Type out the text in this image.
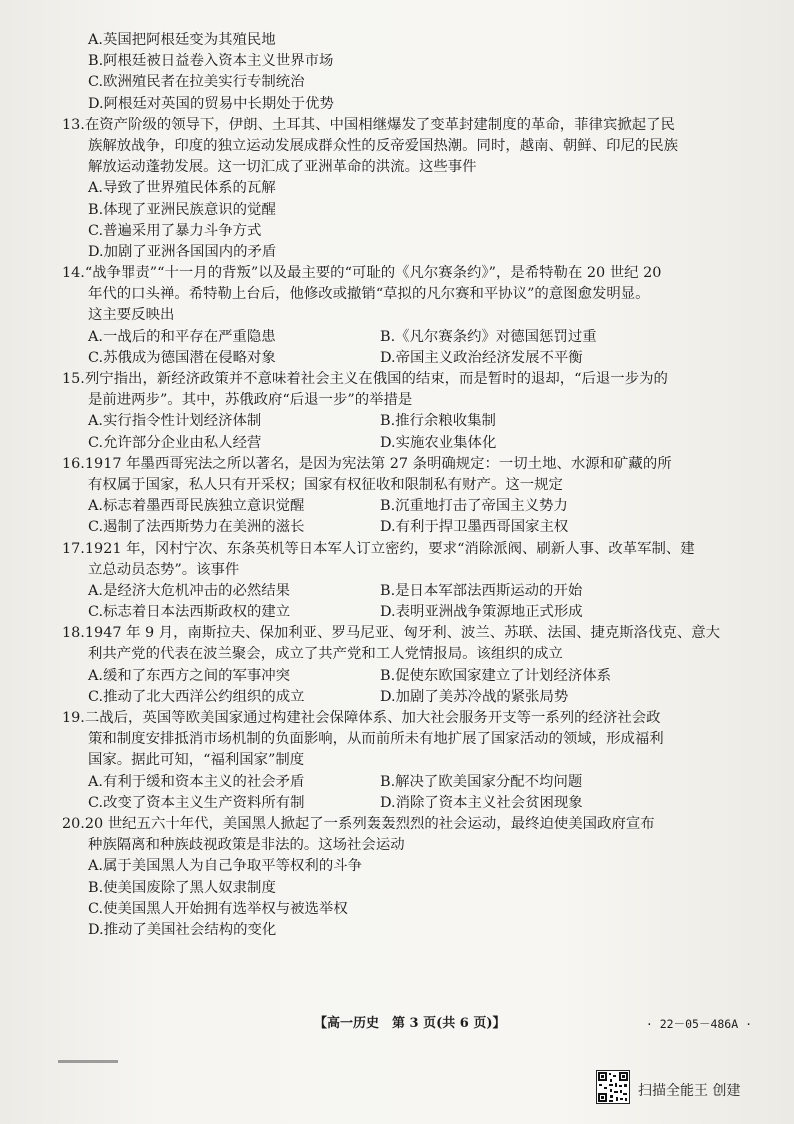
A.英国把阿根廷变为其殖民地
B.阿根廷被日益卷入资本主义世界市场
C.欧洲殖民者在拉美实行专制统治
D.阿根廷对英国的贸易中长期处于优势
13.在资产阶级的领导下，伊朗、土耳其、中国相继爆发了变革封建制度的革命，菲律宾掀起了民
族解放战争，印度的独立运动发展成群众性的反帝爱国热潮。同时，越南、朝鲜、印尼的民族
解放运动蓬勃发展。这一切汇成了亚洲革命的洪流。这些事件
A.导致了世界殖民体系的瓦解
B.体现了亚洲民族意识的觉醒
C.普遍采用了暴力斗争方式
D.加剧了亚洲各国国内的矛盾
14.“战争罪责”“十一月的背叛”以及最主要的“可耻的《凡尔赛条约》”，是希特勒在 20 世纪 20
年代的口头禅。希特勒上台后，他修改或撤销“草拟的凡尔赛和平协议”的意图愈发明显。
这主要反映出
A.一战后的和平存在严重隐患	B.《凡尔赛条约》对德国惩罚过重
C.苏俄成为德国潜在侵略对象	D.帝国主义政治经济发展不平衡
15.列宁指出，新经济政策并不意味着社会主义在俄国的结束，而是暂时的退却，“后退一步为的
是前进两步”。其中，苏俄政府“后退一步”的举措是
A.实行指令性计划经济体制	B.推行余粮收集制
C.允许部分企业由私人经营	D.实施农业集体化
16.1917 年墨西哥宪法之所以著名，是因为宪法第 27 条明确规定：一切土地、水源和矿藏的所
有权属于国家，私人只有开采权；国家有权征收和限制私有财产。这一规定
A.标志着墨西哥民族独立意识觉醒	B.沉重地打击了帝国主义势力
C.遏制了法西斯势力在美洲的滋长	D.有利于捍卫墨西哥国家主权
17.1921 年，冈村宁次、东条英机等日本军人订立密约，要求“消除派阀、刷新人事、改革军制、建
立总动员态势”。该事件
A.是经济大危机冲击的必然结果	B.是日本军部法西斯运动的开始
C.标志着日本法西斯政权的建立	D.表明亚洲战争策源地正式形成
18.1947 年 9 月，南斯拉夫、保加利亚、罗马尼亚、匈牙利、波兰、苏联、法国、捷克斯洛伐克、意大
利共产党的代表在波兰聚会，成立了共产党和工人党情报局。该组织的成立
A.缓和了东西方之间的军事冲突	B.促使东欧国家建立了计划经济体系
C.推动了北大西洋公约组织的成立	D.加剧了美苏冷战的紧张局势
19.二战后，英国等欧美国家通过构建社会保障体系、加大社会服务开支等一系列的经济社会政
策和制度安排抵消市场机制的负面影响，从而前所未有地扩展了国家活动的领域，形成福利
国家。据此可知，“福利国家”制度
A.有利于缓和资本主义的社会矛盾	B.解决了欧美国家分配不均问题
C.改变了资本主义生产资料所有制	D.消除了资本主义社会贫困现象
20.20 世纪五六十年代，美国黑人掀起了一系列轰轰烈烈的社会运动，最终迫使美国政府宣布
种族隔离和种族歧视政策是非法的。这场社会运动
A.属于美国黑人为自己争取平等权利的斗争
B.使美国废除了黑人奴隶制度
C.使美国黑人开始拥有选举权与被选举权
D.推动了美国社会结构的变化
【高一历史　第 3 页(共 6 页)】	· 22－05－486A ·
扫描全能王 创建
